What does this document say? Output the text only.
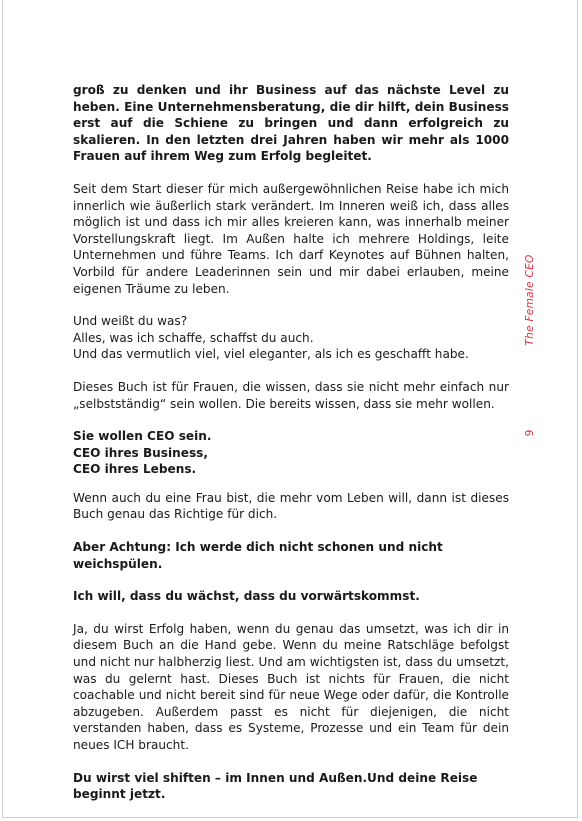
groß zu denken und ihr Business auf das nächste Level zu heben. Eine Unternehmensberatung, die dir hilft, dein Business erst auf die Schiene zu bringen und dann erfolgreich zu skalieren. In den letzten drei Jahren haben wir mehr als 1000 Frauen auf ihrem Weg zum Erfolg begleitet.

Seit dem Start dieser für mich außergewöhnlichen Reise habe ich mich innerlich wie äußerlich stark verändert. Im Inneren weiß ich, dass alles möglich ist und dass ich mir alles kreieren kann, was innerhalb meiner Vorstellungskraft liegt. Im Außen halte ich mehrere Holdings, leite Unternehmen und führe Teams. Ich darf Keynotes auf Bühnen halten, Vorbild für andere Leaderinnen sein und mir dabei erlauben, meine eigenen Träume zu leben.

Und weißt du was?

Alles, was ich schaffe, schaffst du auch.

Und das vermutlich viel, viel eleganter, als ich es geschafft habe.

Dieses Buch ist für Frauen, die wissen, dass sie nicht mehr einfach nur „selbstständig“ sein wollen. Die bereits wissen, dass sie mehr wollen.

Sie wollen CEO sein.

CEO ihres Business,

CEO ihres Lebens.

Wenn auch du eine Frau bist, die mehr vom Leben will, dann ist dieses Buch genau das Richtige für dich.

Aber Achtung: Ich werde dich nicht schonen und nicht weichspülen.

Ich will, dass du wächst, dass du vorwärtskommst.

Ja, du wirst Erfolg haben, wenn du genau das umsetzt, was ich dir in diesem Buch an die Hand gebe. Wenn du meine Ratschläge befolgst und nicht nur halbherzig liest. Und am wichtigsten ist, dass du umsetzt, was du gelernt hast. Dieses Buch ist nichts für Frauen, die nicht coachable und nicht bereit sind für neue Wege oder dafür, die Kontrolle abzugeben. Außerdem passt es nicht für diejenigen, die nicht verstanden haben, dass es Systeme, Prozesse und ein Team für dein neues ICH braucht.

Du wirst viel shiften – im Innen und Außen.Und deine Reise beginnt jetzt.

The Female CEO
9
